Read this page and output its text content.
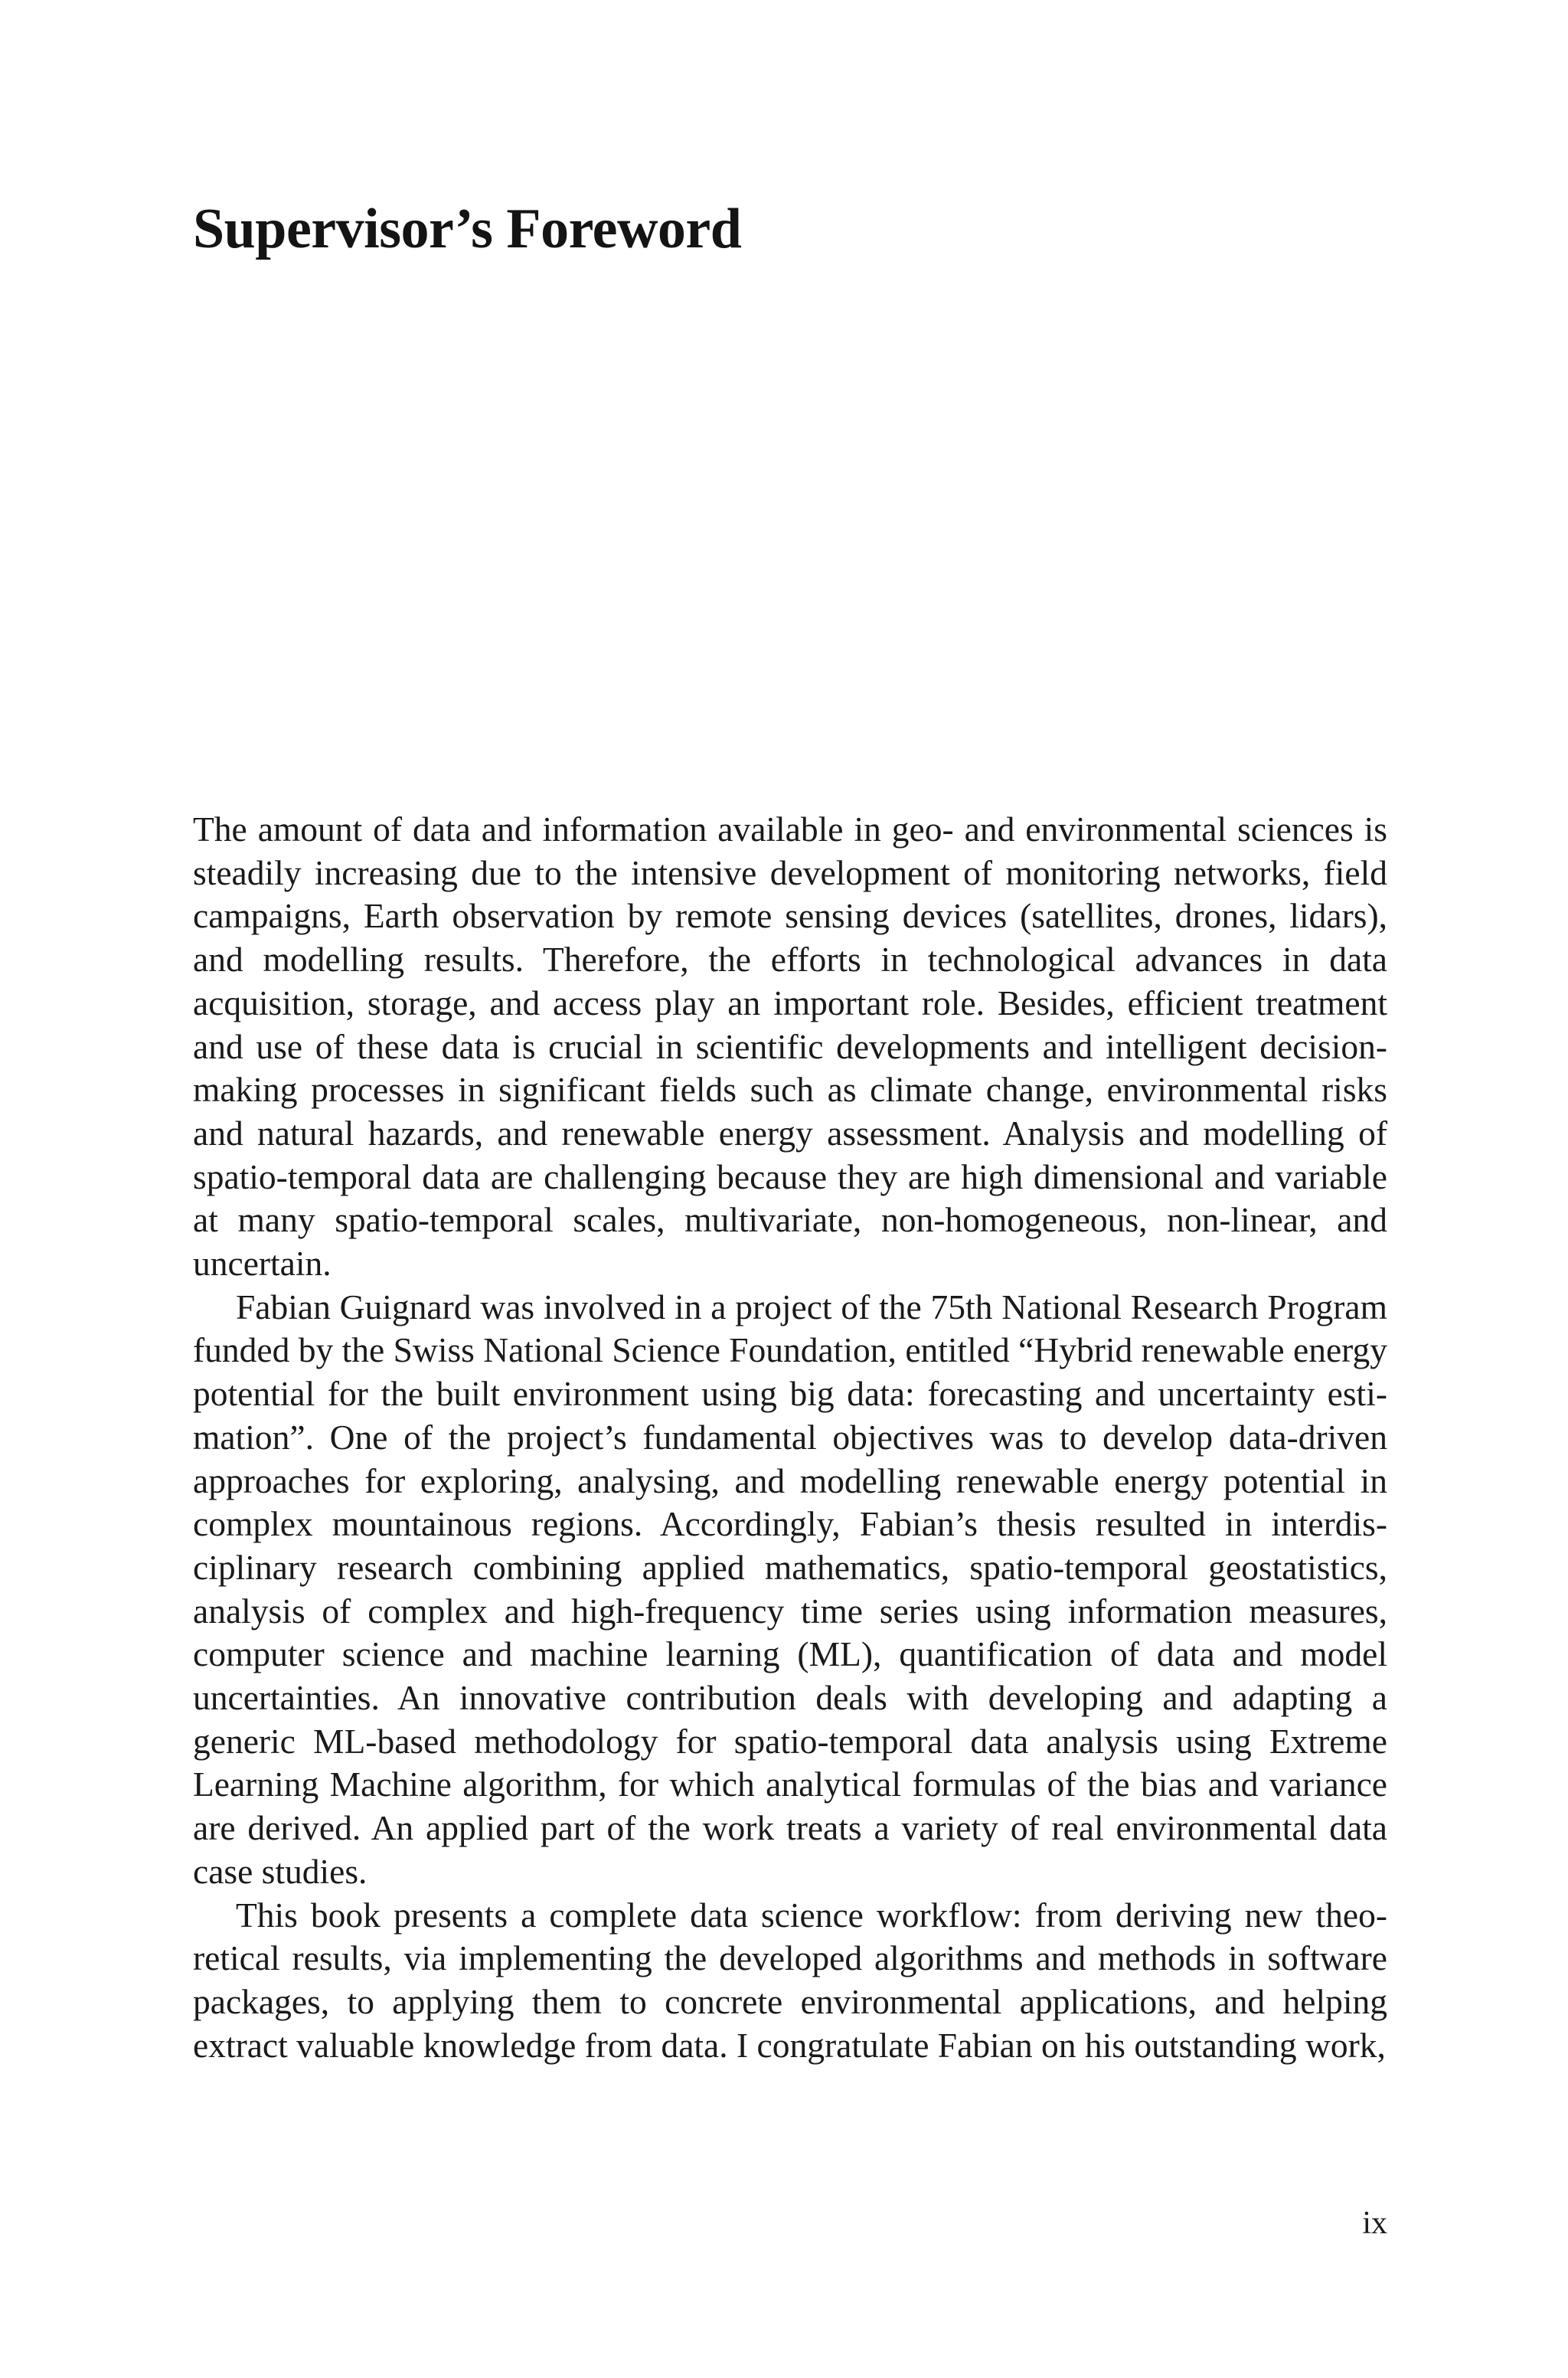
Supervisor’s Foreword

The amount of data and information available in geo- and environmental sciences is steadily increasing due to the intensive development of monitoring networks, field campaigns, Earth observation by remote sensing devices (satellites, drones, lidars), and modelling results. Therefore, the efforts in technological advances in data acquisition, storage, and access play an important role. Besides, efficient treatment and use of these data is crucial in scientific developments and intelligent decision-making processes in significant fields such as climate change, environmental risks and natural hazards, and renewable energy assessment. Analysis and modelling of spatio-temporal data are challenging because they are high dimensional and variable at many spatio-temporal scales, multivariate, non-homogeneous, non-linear, and uncertain.

Fabian Guignard was involved in a project of the 75th National Research Program funded by the Swiss National Science Foundation, entitled “Hybrid renewable energy potential for the built environment using big data: forecasting and uncertainty estimation”. One of the project’s fundamental objectives was to develop data-driven approaches for exploring, analysing, and modelling renewable energy potential in complex mountainous regions. Accordingly, Fabian’s thesis resulted in interdisciplinary research combining applied mathematics, spatio-temporal geostatistics, analysis of complex and high-frequency time series using information measures, computer science and machine learning (ML), quantification of data and model uncertainties. An innovative contribution deals with developing and adapting a generic ML-based methodology for spatio-temporal data analysis using Extreme Learning Machine algorithm, for which analytical formulas of the bias and variance are derived. An applied part of the work treats a variety of real environmental data case studies.

This book presents a complete data science workflow: from deriving new theoretical results, via implementing the developed algorithms and methods in software packages, to applying them to concrete environmental applications, and helping extract valuable knowledge from data. I congratulate Fabian on his outstanding work,

ix
